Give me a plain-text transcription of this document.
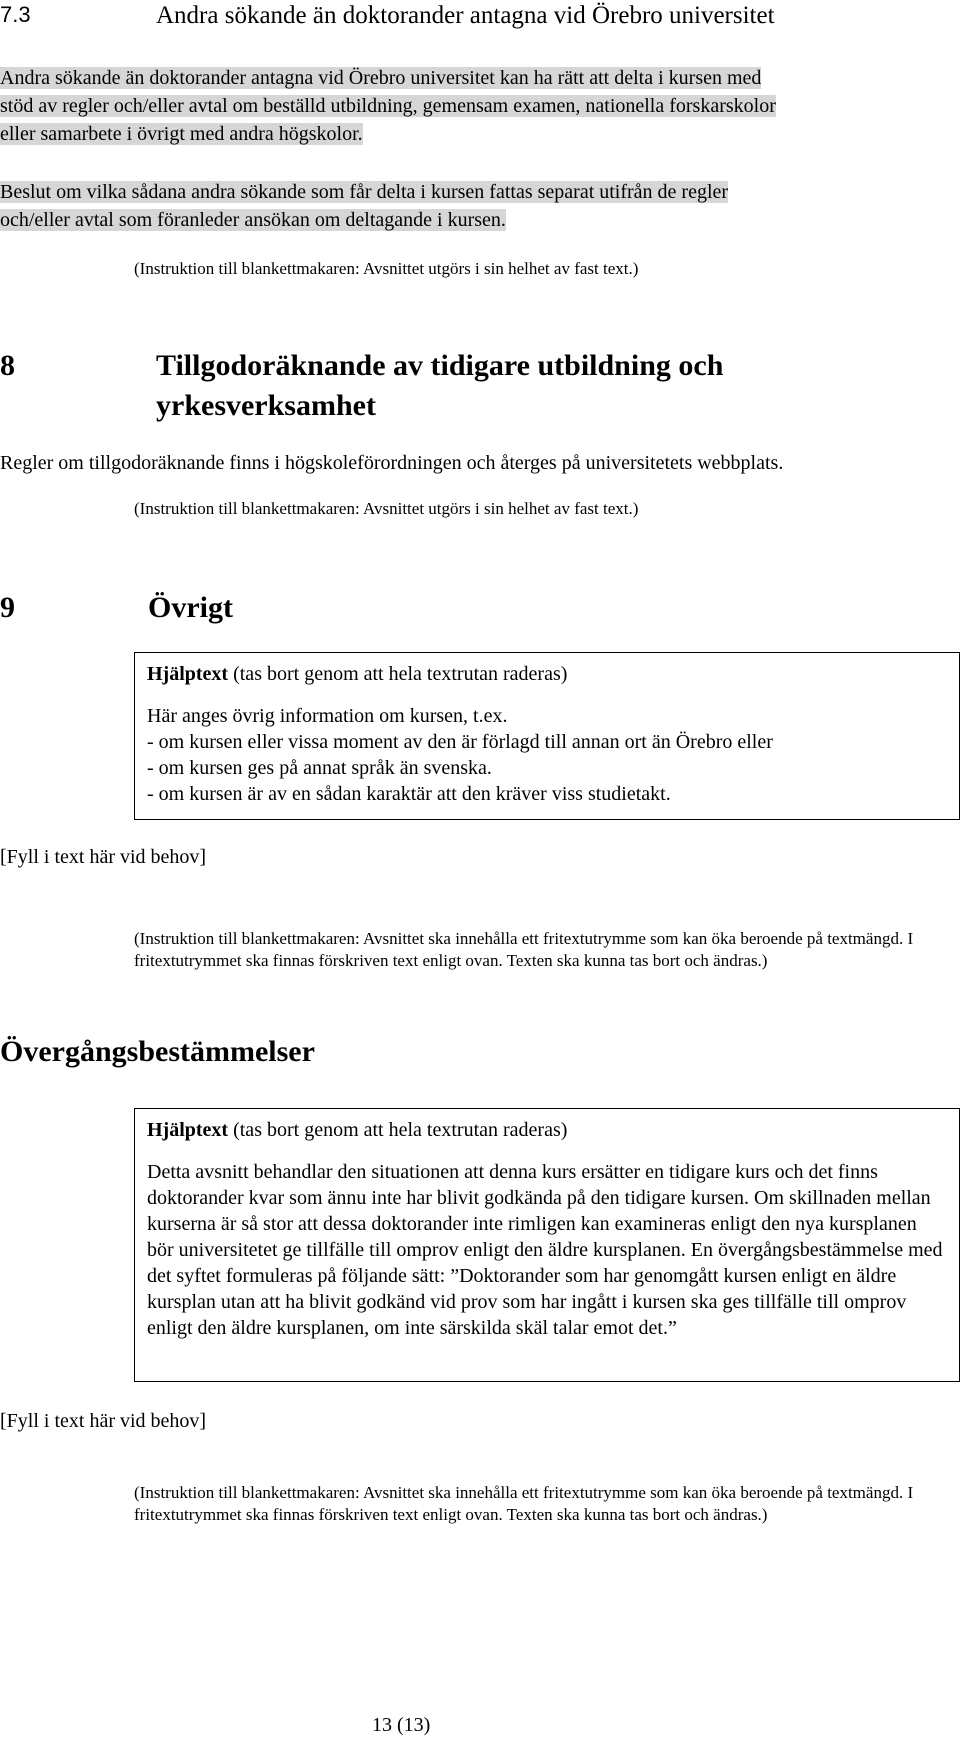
7.3	Andra sökande än doktorander antagna vid Örebro universitet
Andra sökande än doktorander antagna vid Örebro universitet kan ha rätt att delta i kursen med
stöd av regler och/eller avtal om beställd utbildning, gemensam examen, nationella forskarskolor
eller samarbete i övrigt med andra högskolor.
Beslut om vilka sådana andra sökande som får delta i kursen fattas separat utifrån de regler
och/eller avtal som föranleder ansökan om deltagande i kursen.
(Instruktion till blankettmakaren: Avsnittet utgörs i sin helhet av fast text.)
8	Tillgodoräknande av tidigare utbildning och yrkesverksamhet
Regler om tillgodoräknande finns i högskoleförordningen och återges på universitetets webbplats.
(Instruktion till blankettmakaren: Avsnittet utgörs i sin helhet av fast text.)
9	Övrigt

Hjälptext (tas bort genom att hela textrutan raderas)

Här anges övrig information om kursen, t.ex.

- om kursen eller vissa moment av den är förlagd till annan ort än Örebro eller

- om kursen ges på annat språk än svenska.

- om kursen är av en sådan karaktär att den kräver viss studietakt.

[Fyll i text här vid behov]
(Instruktion till blankettmakaren: Avsnittet ska innehålla ett fritextutrymme som kan öka beroende på textmängd. I fritextutrymmet ska finnas förskriven text enligt ovan. Texten ska kunna tas bort och ändras.)
Övergångsbestämmelser

Hjälptext (tas bort genom att hela textrutan raderas)

Detta avsnitt behandlar den situationen att denna kurs ersätter en tidigare kurs och det finns doktorander kvar som ännu inte har blivit godkända på den tidigare kursen. Om skillnaden mellan kurserna är så stor att dessa doktorander inte rimligen kan examineras enligt den nya kursplanen bör universitetet ge tillfälle till omprov enligt den äldre kursplanen. En övergångsbestämmelse med det syftet formuleras på följande sätt: ”Doktorander som har genomgått kursen enligt en äldre kursplan utan att ha blivit godkänd vid prov som har ingått i kursen ska ges tillfälle till omprov enligt den äldre kursplanen, om inte särskilda skäl talar emot det.”

[Fyll i text här vid behov]
(Instruktion till blankettmakaren: Avsnittet ska innehålla ett fritextutrymme som kan öka beroende på textmängd. I fritextutrymmet ska finnas förskriven text enligt ovan. Texten ska kunna tas bort och ändras.)
13 (13)
